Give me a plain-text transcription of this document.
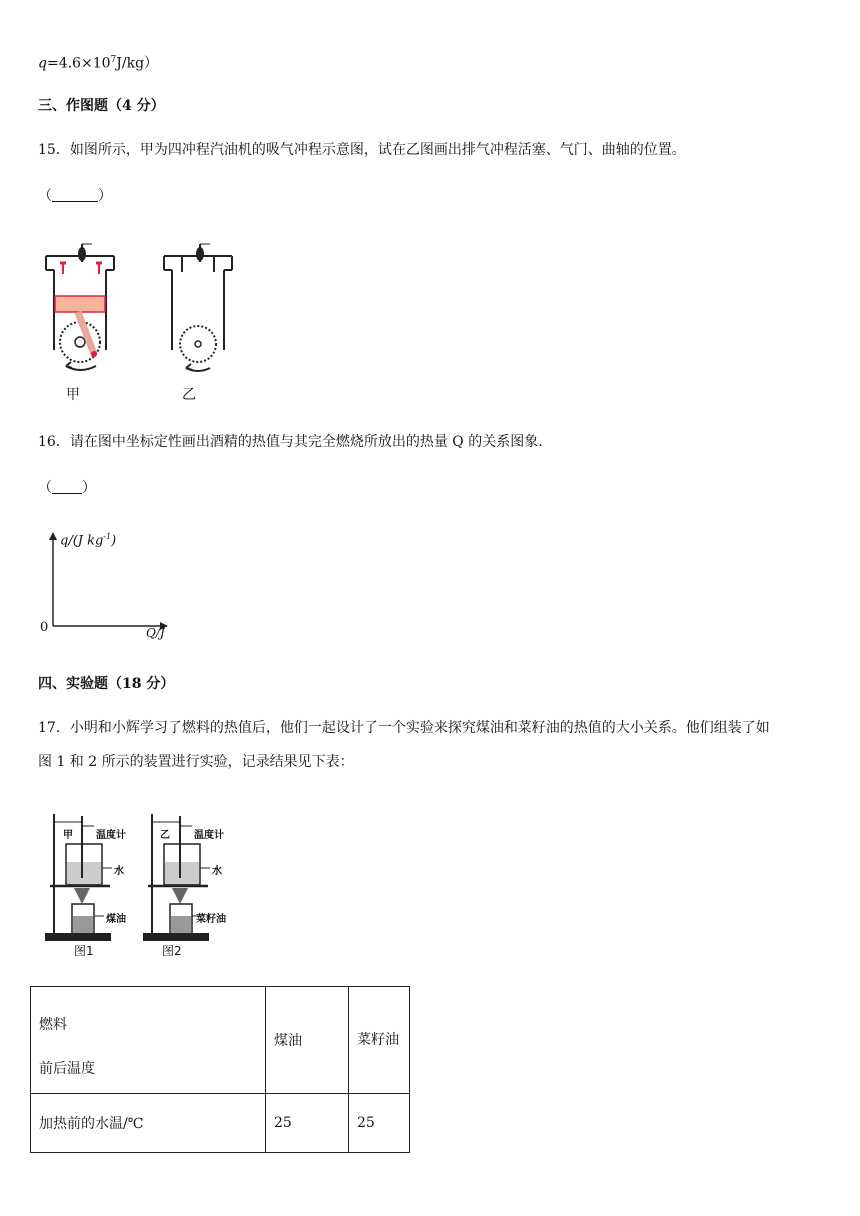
$q=4.6\times 10^7J/kg$）
三、作图题（4 分）
15．如图所示，甲为四冲程汽油机的吸气冲程示意图，试在乙图画出排气冲程活塞、气门、曲轴的位置。
（	）
甲	乙
16．请在图中坐标定性画出酒精的热值与其完全燃烧所放出的热量 Q 的关系图象.
（ ）
q/(J $kg^{-1}$)
Q/J
0
四、实验题（18 分）
17．小明和小辉学习了燃料的热值后，他们一起设计了一个实验来探究煤油和菜籽油的热值的大小关系。他们组装了如
图 1 和 2 所示的装置进行实验，记录结果见下表：
甲 温度计
水
煤油
图1
乙 温度计
水
菜籽油
图2
燃料
前后温度	煤油	菜籽油
加热前的水温/℃	25	25
